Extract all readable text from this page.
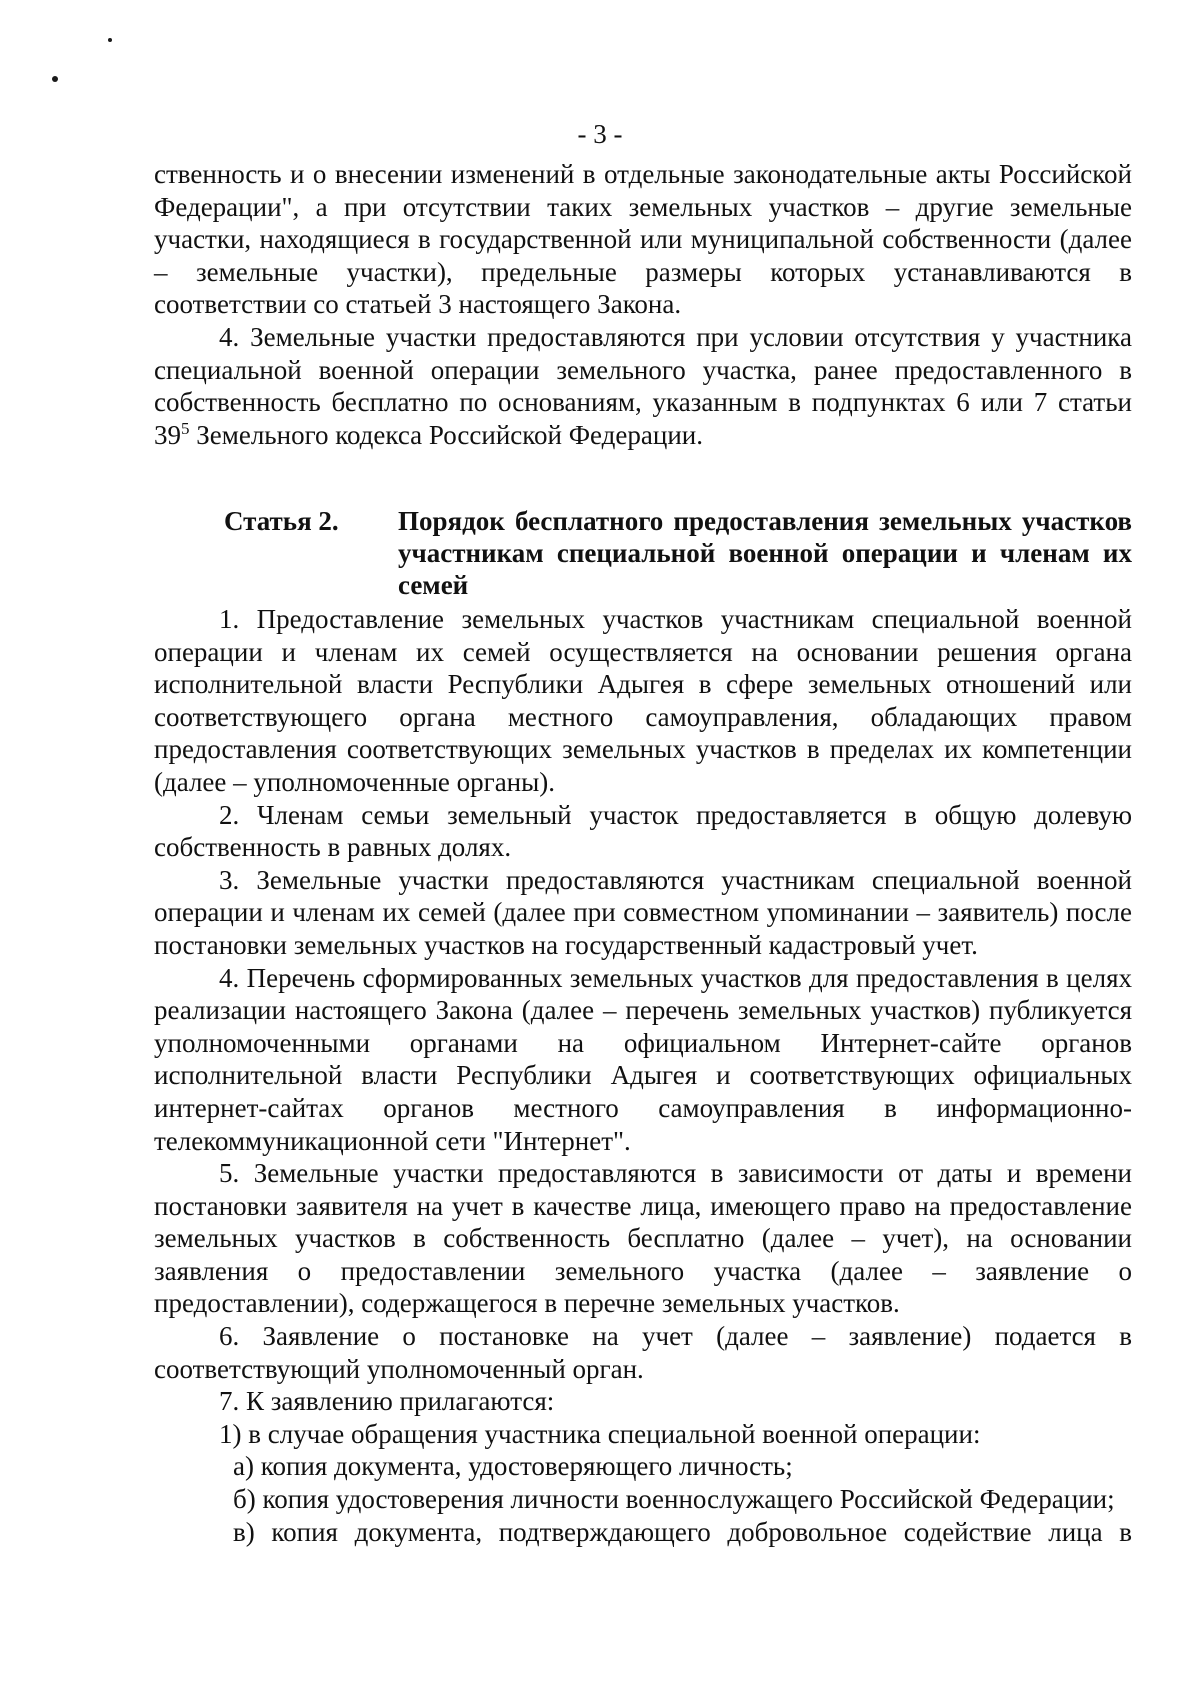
- 3 -

ственность и о внесении изменений в отдельные законодательные акты Российской Федерации", а при отсутствии таких земельных участков – другие земельные участки, находящиеся в государственной или муниципальной собственности (далее – земельные участки), предельные размеры которых устанавливаются в соответствии со статьей 3 настоящего Закона.

4. Земельные участки предоставляются при условии отсутствия у участника специальной военной операции земельного участка, ранее предоставленного в собственность бесплатно по основаниям, указанным в подпунктах 6 или 7 статьи $39^5$ Земельного кодекса Российской Федерации.

Статья 2.	Порядок бесплатного предоставления земельных участков участникам специальной военной операции и членам их семей

1. Предоставление земельных участков участникам специальной военной операции и членам их семей осуществляется на основании решения органа исполнительной власти Республики Адыгея в сфере земельных отношений или соответствующего органа местного самоуправления, обладающих правом предоставления соответствующих земельных участков в пределах их компетенции (далее – уполномоченные органы).

2. Членам семьи земельный участок предоставляется в общую долевую собственность в равных долях.

3. Земельные участки предоставляются участникам специальной военной операции и членам их семей (далее при совместном упоминании – заявитель) после постановки земельных участков на государственный кадастровый учет.

4. Перечень сформированных земельных участков для предоставления в целях реализации настоящего Закона (далее – перечень земельных участков) публикуется уполномоченными органами на официальном Интернет-сайте органов исполнительной власти Республики Адыгея и соответствующих официальных интернет-сайтах органов местного самоуправления в информационно-телекоммуникационной сети "Интернет".

5. Земельные участки предоставляются в зависимости от даты и времени постановки заявителя на учет в качестве лица, имеющего право на предоставление земельных участков в собственность бесплатно (далее – учет), на основании заявления о предоставлении земельного участка (далее – заявление о предоставлении), содержащегося в перечне земельных участков.

6. Заявление о постановке на учет (далее – заявление) подается в соответствующий уполномоченный орган.

7. К заявлению прилагаются:

1) в случае обращения участника специальной военной операции:

а) копия документа, удостоверяющего личность;

б) копия удостоверения личности военнослужащего Российской Федерации;

в) копия документа, подтверждающего добровольное содействие лица в
